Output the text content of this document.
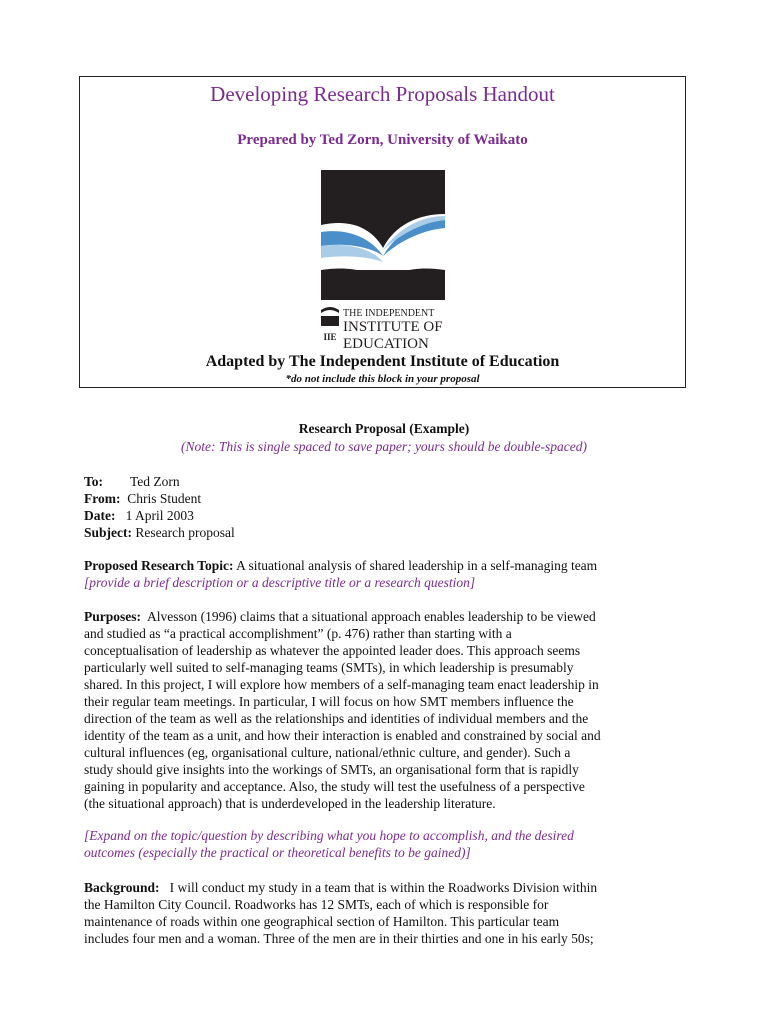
Developing Research Proposals Handout
Prepared by Ted Zorn, University of Waikato
IIE
THE INDEPENDENT
INSTITUTE OF
EDUCATION
Adapted by The Independent Institute of Education
*do not include this block in your proposal
Research Proposal (Example)
(Note: This is single spaced to save paper; yours should be double-spaced)
To: Ted Zorn
From: Chris Student
Date: 1 April 2003
Subject: Research proposal
Proposed Research Topic: A situational analysis of shared leadership in a self-managing team
[provide a brief description or a descriptive title or a research question]
Purposes: Alvesson (1996) claims that a situational approach enables leadership to be viewed
and studied as “a practical accomplishment” (p. 476) rather than starting with a
conceptualisation of leadership as whatever the appointed leader does. This approach seems
particularly well suited to self-managing teams (SMTs), in which leadership is presumably
shared. In this project, I will explore how members of a self-managing team enact leadership in
their regular team meetings. In particular, I will focus on how SMT members influence the
direction of the team as well as the relationships and identities of individual members and the
identity of the team as a unit, and how their interaction is enabled and constrained by social and
cultural influences (eg, organisational culture, national/ethnic culture, and gender). Such a
study should give insights into the workings of SMTs, an organisational form that is rapidly
gaining in popularity and acceptance. Also, the study will test the usefulness of a perspective
(the situational approach) that is underdeveloped in the leadership literature.
[Expand on the topic/question by describing what you hope to accomplish, and the desired
outcomes (especially the practical or theoretical benefits to be gained)]
Background: I will conduct my study in a team that is within the Roadworks Division within
the Hamilton City Council. Roadworks has 12 SMTs, each of which is responsible for
maintenance of roads within one geographical section of Hamilton. This particular team
includes four men and a woman. Three of the men are in their thirties and one in his early 50s;
